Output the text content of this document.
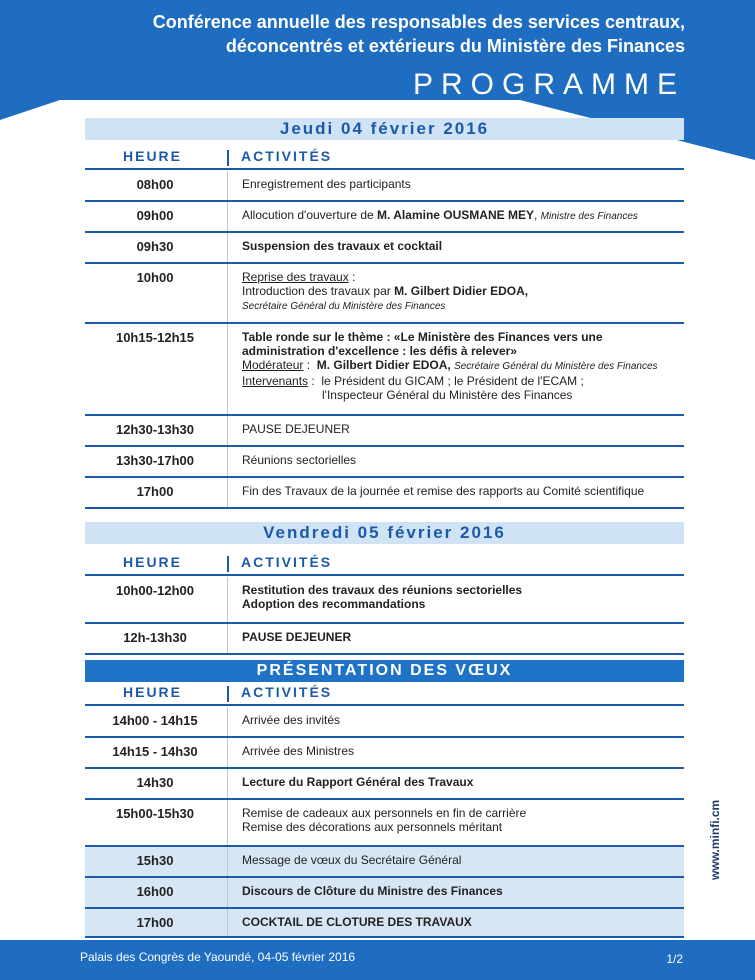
Conférence annuelle des responsables des services centraux,
déconcentrés et extérieurs du Ministère des Finances
PROGRAMME
Jeudi 04 février 2016
HEURE	ACTIVITÉS
08h00	Enregistrement des participants
09h00	Allocution d'ouverture de M. Alamine OUSMANE MEY, Ministre des Finances
09h30	Suspension des travaux et cocktail
10h00	Reprise des travaux :
Introduction des travaux par M. Gilbert Didier EDOA,
Secrétaire Général du Ministère des Finances
10h15-12h15	Table ronde sur le thème : «Le Ministère des Finances vers une
administration d'excellence : les défis à relever»
Modérateur :  M. Gilbert Didier EDOA, Secrétaire Général du Ministère des Finances
Intervenants :  le Président du GICAM ; le Président de l'ECAM ;
l'Inspecteur Général du Ministère des Finances
12h30-13h30	PAUSE DEJEUNER
13h30-17h00	Réunions sectorielles
17h00	Fin des Travaux de la journée et remise des rapports au Comité scientifique
Vendredi 05 février 2016
HEURE	ACTIVITÉS
10h00-12h00	Restitution des travaux des réunions sectorielles
Adoption des recommandations
12h-13h30	PAUSE DEJEUNER
PRÉSENTATION DES VŒUX
HEURE	ACTIVITÉS
14h00 - 14h15	Arrivée des invités
14h15 - 14h30	Arrivée des Ministres
14h30	Lecture du Rapport Général des Travaux
15h00-15h30	Remise de cadeaux aux personnels en fin de carrière
Remise des décorations aux personnels méritant
15h30	Message de vœux du Secrétaire Général
16h00	Discours de Clôture du Ministre des Finances
17h00	COCKTAIL DE CLOTURE DES TRAVAUX
www.minfi.cm
Palais des Congrès de Yaoundé, 04-05 février 2016	1/2
